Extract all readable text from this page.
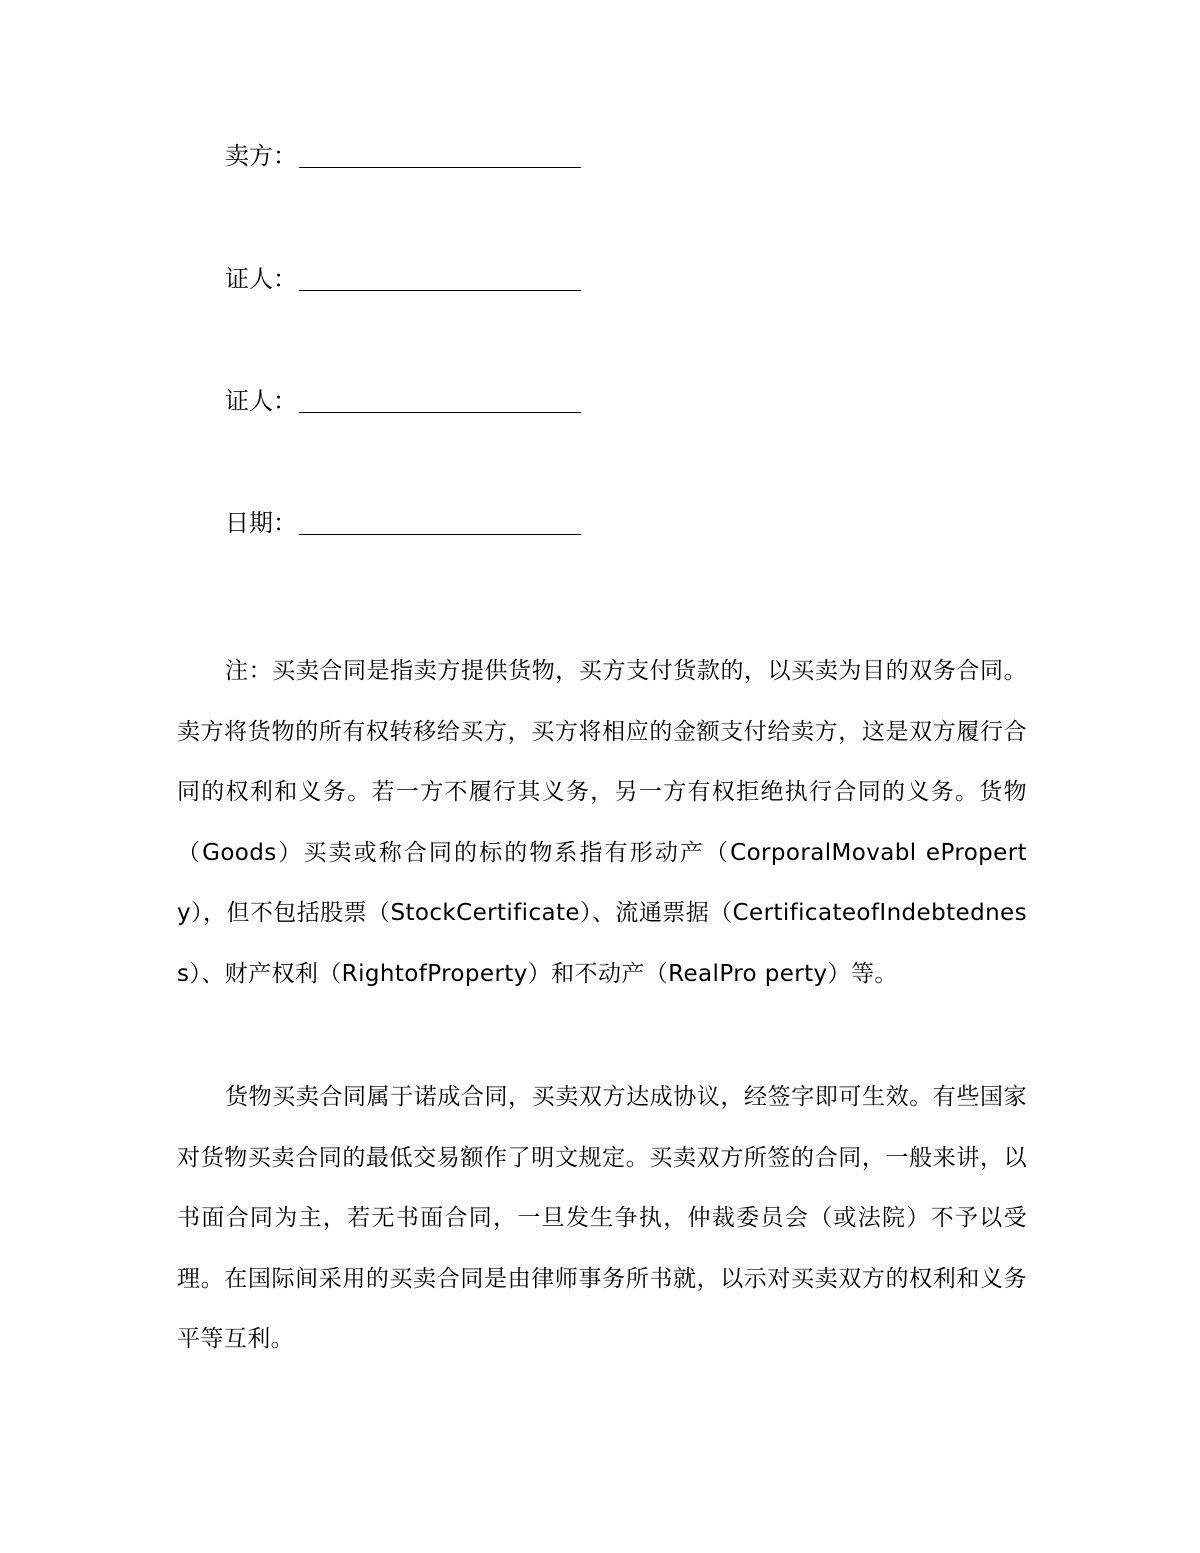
卖方：
证人：
证人：
日期：

注：买卖合同是指卖方提供货物，买方支付货款的，以买卖为目的双务合同。卖方将货物的所有权转移给买方，买方将相应的金额支付给卖方，这是双方履行合同的权利和义务。若一方不履行其义务，另一方有权拒绝执行合同的义务。货物（Goods）买卖或称合同的标的物系指有形动产（CorporalMovabl eProperty），但不包括股票（StockCertificate）、流通票据（CertificateofIndebtedness）、财产权利（RightofProperty）和不动产（RealPro perty）等。

货物买卖合同属于诺成合同，买卖双方达成协议，经签字即可生效。有些国家对货物买卖合同的最低交易额作了明文规定。买卖双方所签的合同，一般来讲，以书面合同为主，若无书面合同，一旦发生争执，仲裁委员会（或法院）不予以受理。在国际间采用的买卖合同是由律师事务所书就，以示对买卖双方的权利和义务平等互利。
